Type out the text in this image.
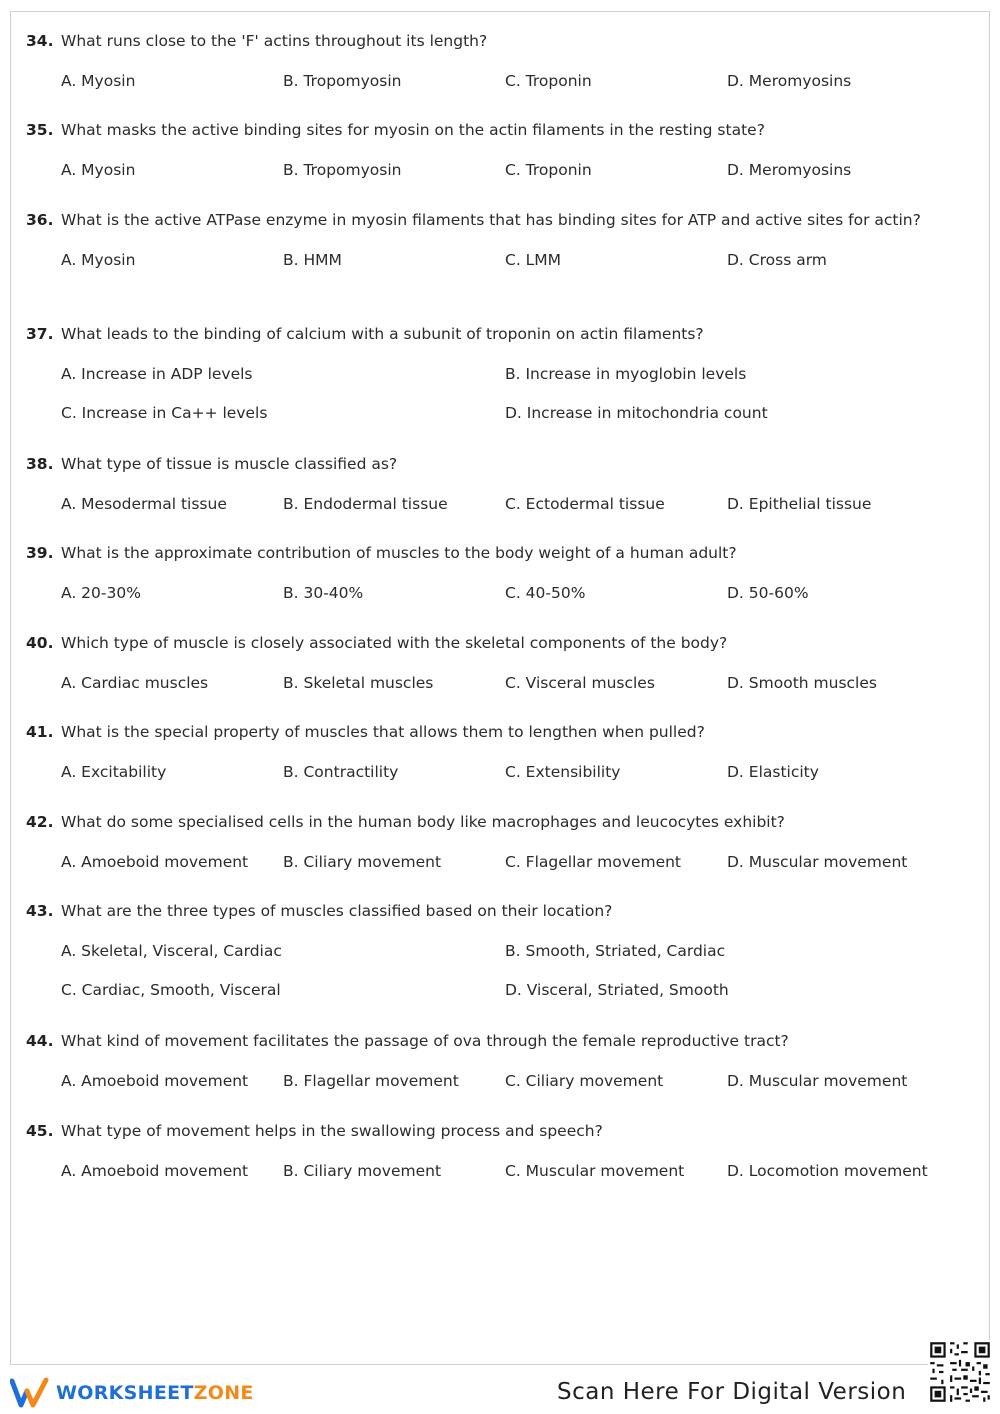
34. What runs close to the 'F' actins throughout its length?
A. Myosin	B. Tropomyosin	C. Troponin	D. Meromyosins
35. What masks the active binding sites for myosin on the actin filaments in the resting state?
A. Myosin	B. Tropomyosin	C. Troponin	D. Meromyosins
36. What is the active ATPase enzyme in myosin filaments that has binding sites for ATP and active sites for actin?
A. Myosin	B. HMM	C. LMM	D. Cross arm
37. What leads to the binding of calcium with a subunit of troponin on actin filaments?
A. Increase in ADP levels	B. Increase in myoglobin levels
C. Increase in Ca++ levels	D. Increase in mitochondria count
38. What type of tissue is muscle classified as?
A. Mesodermal tissue	B. Endodermal tissue	C. Ectodermal tissue	D. Epithelial tissue
39. What is the approximate contribution of muscles to the body weight of a human adult?
A. 20-30%	B. 30-40%	C. 40-50%	D. 50-60%
40. Which type of muscle is closely associated with the skeletal components of the body?
A. Cardiac muscles	B. Skeletal muscles	C. Visceral muscles	D. Smooth muscles
41. What is the special property of muscles that allows them to lengthen when pulled?
A. Excitability	B. Contractility	C. Extensibility	D. Elasticity
42. What do some specialised cells in the human body like macrophages and leucocytes exhibit?
A. Amoeboid movement B. Ciliary movement	C. Flagellar movement	D. Muscular movement
43. What are the three types of muscles classified based on their location?
A. Skeletal, Visceral, Cardiac	B. Smooth, Striated, Cardiac
C. Cardiac, Smooth, Visceral	D. Visceral, Striated, Smooth
44. What kind of movement facilitates the passage of ova through the female reproductive tract?
A. Amoeboid movement B. Flagellar movement	C. Ciliary movement	D. Muscular movement
45. What type of movement helps in the swallowing process and speech?
A. Amoeboid movement B. Ciliary movement	C. Muscular movement	D. Locomotion movement
WORKSHEETZONE	Scan Here For Digital Version
